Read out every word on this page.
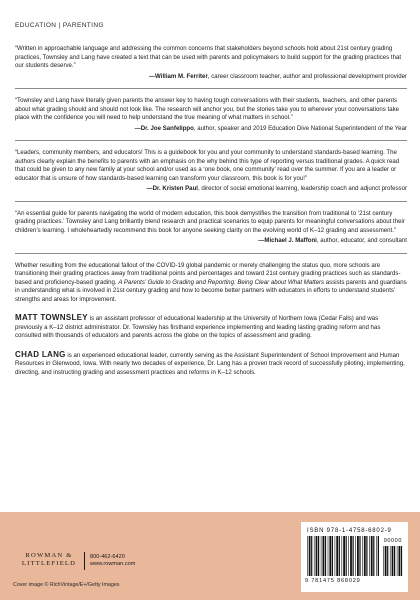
EDUCATION | PARENTING
“Written in approachable language and addressing the common concerns that stakeholders beyond schools hold about 21st century grading practices, Townsley and Lang have created a text that can be used with parents and policymakers to build support for the grading practices that our students deserve.”
—William M. Ferriter, career classroom teacher, author and professional development provider
“Townsley and Lang have literally given parents the answer key to having tough conversations with their students, teachers, and other parents about what grading should and should not look like. The research will anchor you, but the stories take you to wherever your conversations take place with the confidence you will need to help understand the true meaning of what matters in school.”
—Dr. Joe Sanfelippo, author, speaker and 2019 Education Dive National Superintendent of the Year
“Leaders, community members, and educators! This is a guidebook for you and your community to understand standards-based learning. The authors clearly explain the benefits to parents with an emphasis on the why behind this type of reporting versus traditional grades. A quick read that could be given to any new family at your school and/or used as a ‘one book, one community’ read over the summer. If you are a leader or educator that is unsure of how standards-based learning can transform your classroom, this book is for you!”
—Dr. Kristen Paul, director of social emotional learning, leadership coach and adjunct professor
“An essential guide for parents navigating the world of modern education, this book demystifies the transition from traditional to ‘21st century grading practices.’ Townsley and Lang brilliantly blend research and practical scenarios to equip parents for meaningful conversations about their children’s learning. I wholeheartedly recommend this book for anyone seeking clarity on the evolving world of K–12 grading and assessment.”
—Michael J. Maffoni, author, educator, and consultant
Whether resulting from the educational fallout of the COVID-19 global pandemic or merely challenging the status quo, more schools are transitioning their grading practices away from traditional points and percentages and toward 21st century grading practices such as standards-based and proficiency-based grading. A Parents’ Guide to Grading and Reporting: Being Clear about What Matters assists parents and guardians in understanding what is involved in 21st century grading and how to become better partners with educators in efforts to understand students’ strengths and areas for improvement.
MATT TOWNSLEY is an assistant professor of educational leadership at the University of Northern Iowa (Cedar Falls) and was previously a K–12 district administrator. Dr. Townsley has firsthand experience implementing and leading lasting grading reform and has consulted with thousands of educators and parents across the globe on the topics of assessment and grading.
CHAD LANG is an experienced educational leader, currently serving as the Assistant Superintendent of School Improvement and Human Resources in Glenwood, Iowa. With nearly two decades of experience, Dr. Lang has a proven track record of successfully piloting, implementing, directing, and instructing grading and assessment practices and reforms in K–12 schools.
ROWMAN &
LITTLEFIELD
800-462-6420
www.rowman.com
Cover image © RichVintage/E+/Getty Images
ISBN 978-1-4758-6802-9
90000
9 781475 868029
